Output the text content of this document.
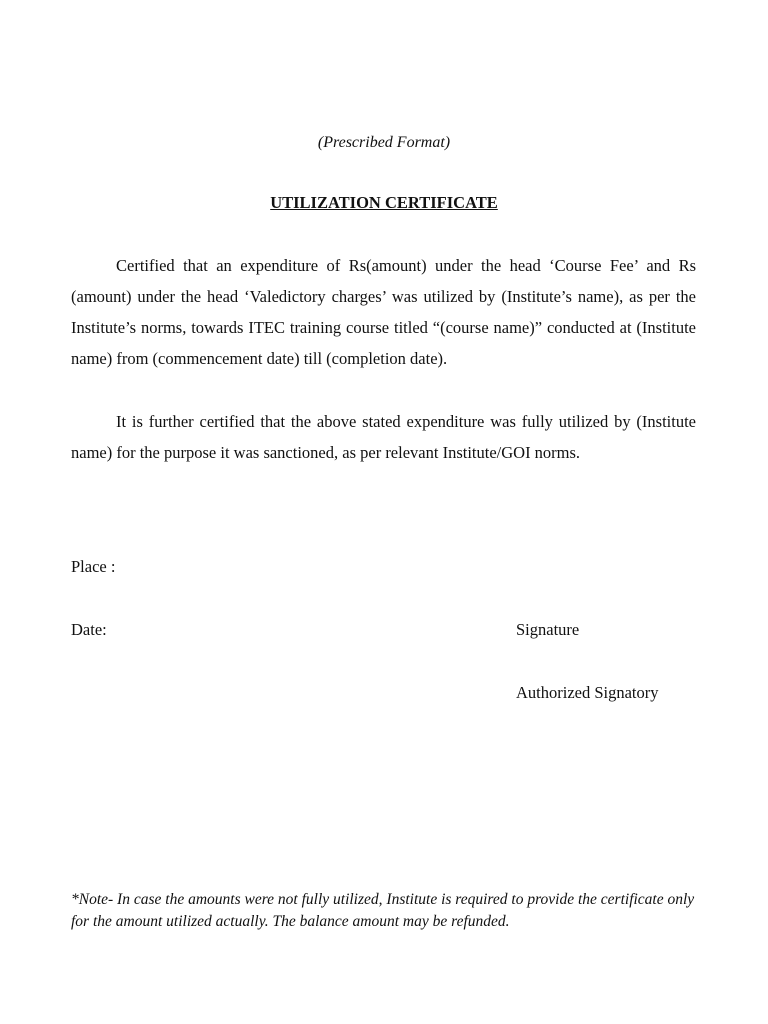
(Prescribed Format)
UTILIZATION CERTIFICATE

Certified that an expenditure of Rs(amount) under the head ‘Course Fee’ and Rs (amount) under the head ‘Valedictory charges’ was utilized by (Institute’s name), as per the Institute’s norms, towards ITEC training course titled “(course name)” conducted at (Institute name) from (commencement date) till (completion date).

It is further certified that the above stated expenditure was fully utilized by (Institute name) for the purpose it was sanctioned, as per relevant Institute/GOI norms.

Place :
Date:	Signature
Authorized Signatory

*Note- In case the amounts were not fully utilized, Institute is required to provide the certificate only for the amount utilized actually. The balance amount may be refunded.
